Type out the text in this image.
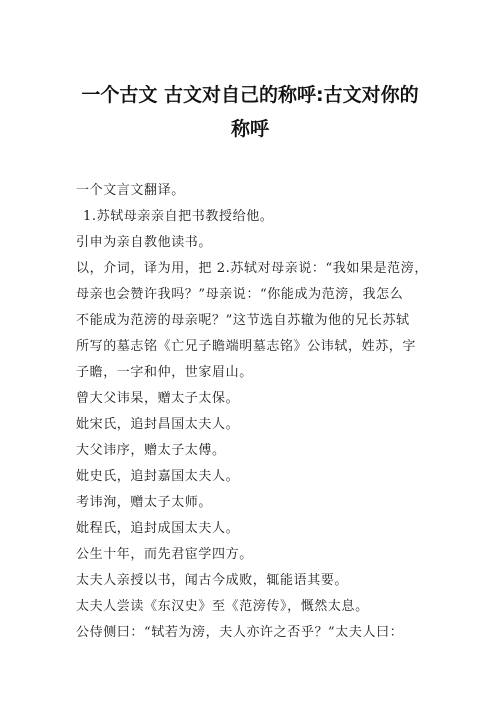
一个古文 古文对自己的称呼:古文对你的
称呼
一个文言文翻译。
1.苏轼母亲亲自把书教授给他。
引申为亲自教他读书。
以，介词，译为用，把 2.苏轼对母亲说：“我如果是范滂，
母亲也会赞许我吗？”母亲说：“你能成为范滂，我怎么
不能成为范滂的母亲呢？”这节选自苏辙为他的兄长苏轼
所写的墓志铭《亡兄子瞻端明墓志铭》公讳轼，姓苏，字
子瞻，一字和仲，世家眉山。
曾大父讳杲，赠太子太保。
妣宋氏，追封昌国太夫人。
大父讳序，赠太子太傅。
妣史氏，追封嘉国太夫人。
考讳洵，赠太子太师。
妣程氏，追封成国太夫人。
公生十年，而先君宦学四方。
太夫人亲授以书，闻古今成败，辄能语其要。
太夫人尝读《东汉史》至《范滂传》，慨然太息。
公侍侧曰：“轼若为滂，夫人亦许之否乎？”太夫人曰：
